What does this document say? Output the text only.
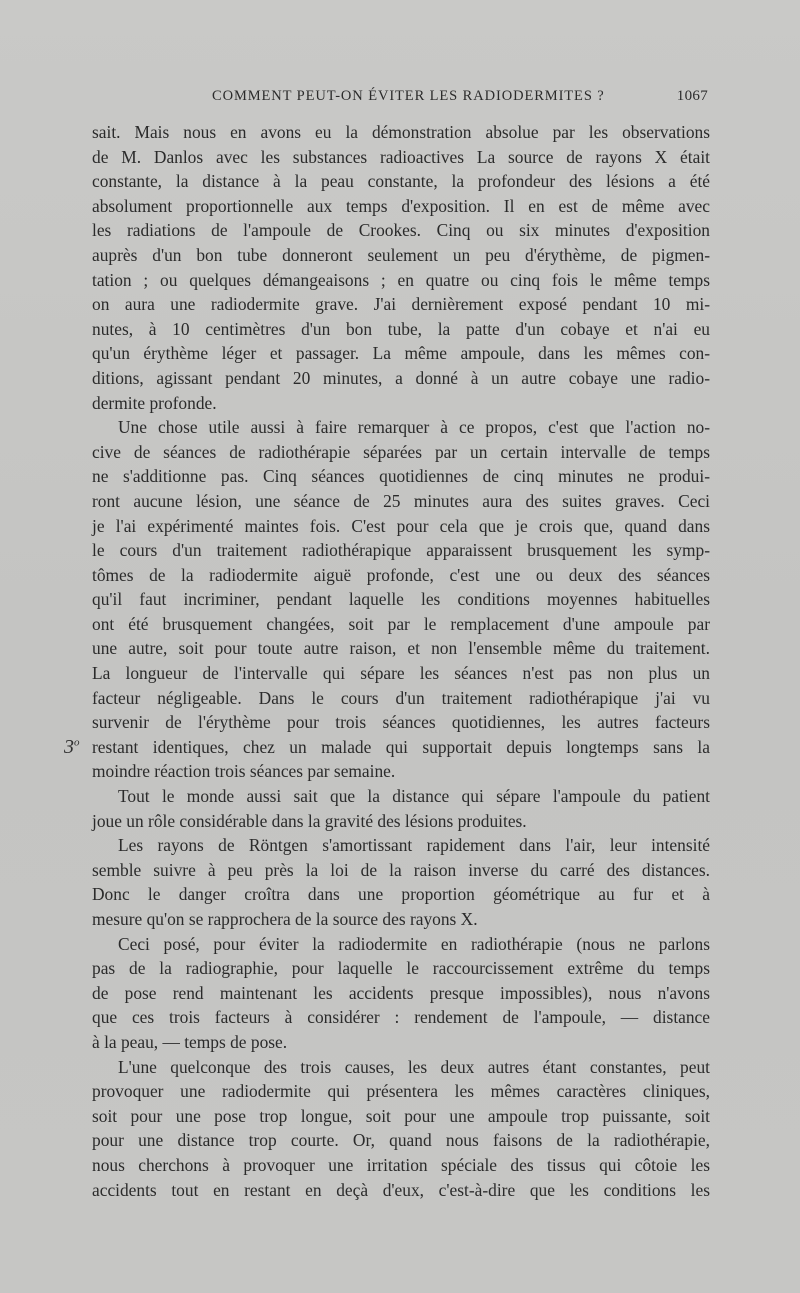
COMMENT PEUT-ON ÉVITER LES RADIODERMITES ?	1067
3$^o$
sait. Mais nous en avons eu la démonstration absolue par les observations
de M. Danlos avec les substances radioactives La source de rayons X était
constante, la distance à la peau constante, la profondeur des lésions a été
absolument proportionnelle aux temps d'exposition. Il en est de même avec
les radiations de l'ampoule de Crookes. Cinq ou six minutes d'exposition
auprès d'un bon tube donneront seulement un peu d'érythème, de pigmen-
tation ; ou quelques démangeaisons ; en quatre ou cinq fois le même temps
on aura une radiodermite grave. J'ai dernièrement exposé pendant 10 mi-
nutes, à 10 centimètres d'un bon tube, la patte d'un cobaye et n'ai eu
qu'un érythème léger et passager. La même ampoule, dans les mêmes con-
ditions, agissant pendant 20 minutes, a donné à un autre cobaye une radio-
dermite profonde.
Une chose utile aussi à faire remarquer à ce propos, c'est que l'action no-
cive de séances de radiothérapie séparées par un certain intervalle de temps
ne s'additionne pas. Cinq séances quotidiennes de cinq minutes ne produi-
ront aucune lésion, une séance de 25 minutes aura des suites graves. Ceci
je l'ai expérimenté maintes fois. C'est pour cela que je crois que, quand dans
le cours d'un traitement radiothérapique apparaissent brusquement les symp-
tômes de la radiodermite aiguë profonde, c'est une ou deux des séances
qu'il faut incriminer, pendant laquelle les conditions moyennes habituelles
ont été brusquement changées, soit par le remplacement d'une ampoule par
une autre, soit pour toute autre raison, et non l'ensemble même du traitement.
La longueur de l'intervalle qui sépare les séances n'est pas non plus un
facteur négligeable. Dans le cours d'un traitement radiothérapique j'ai vu
survenir de l'érythème pour trois séances quotidiennes, les autres facteurs
restant identiques, chez un malade qui supportait depuis longtemps sans la
moindre réaction trois séances par semaine.
Tout le monde aussi sait que la distance qui sépare l'ampoule du patient
joue un rôle considérable dans la gravité des lésions produites.
Les rayons de Röntgen s'amortissant rapidement dans l'air, leur intensité
semble suivre à peu près la loi de la raison inverse du carré des distances.
Donc le danger croîtra dans une proportion géométrique au fur et à
mesure qu'on se rapprochera de la source des rayons X.
Ceci posé, pour éviter la radiodermite en radiothérapie (nous ne parlons
pas de la radiographie, pour laquelle le raccourcissement extrême du temps
de pose rend maintenant les accidents presque impossibles), nous n'avons
que ces trois facteurs à considérer : rendement de l'ampoule, — distance
à la peau, — temps de pose.
L'une quelconque des trois causes, les deux autres étant constantes, peut
provoquer une radiodermite qui présentera les mêmes caractères cliniques,
soit pour une pose trop longue, soit pour une ampoule trop puissante, soit
pour une distance trop courte. Or, quand nous faisons de la radiothérapie,
nous cherchons à provoquer une irritation spéciale des tissus qui côtoie les
accidents tout en restant en deçà d'eux, c'est-à-dire que les conditions les
